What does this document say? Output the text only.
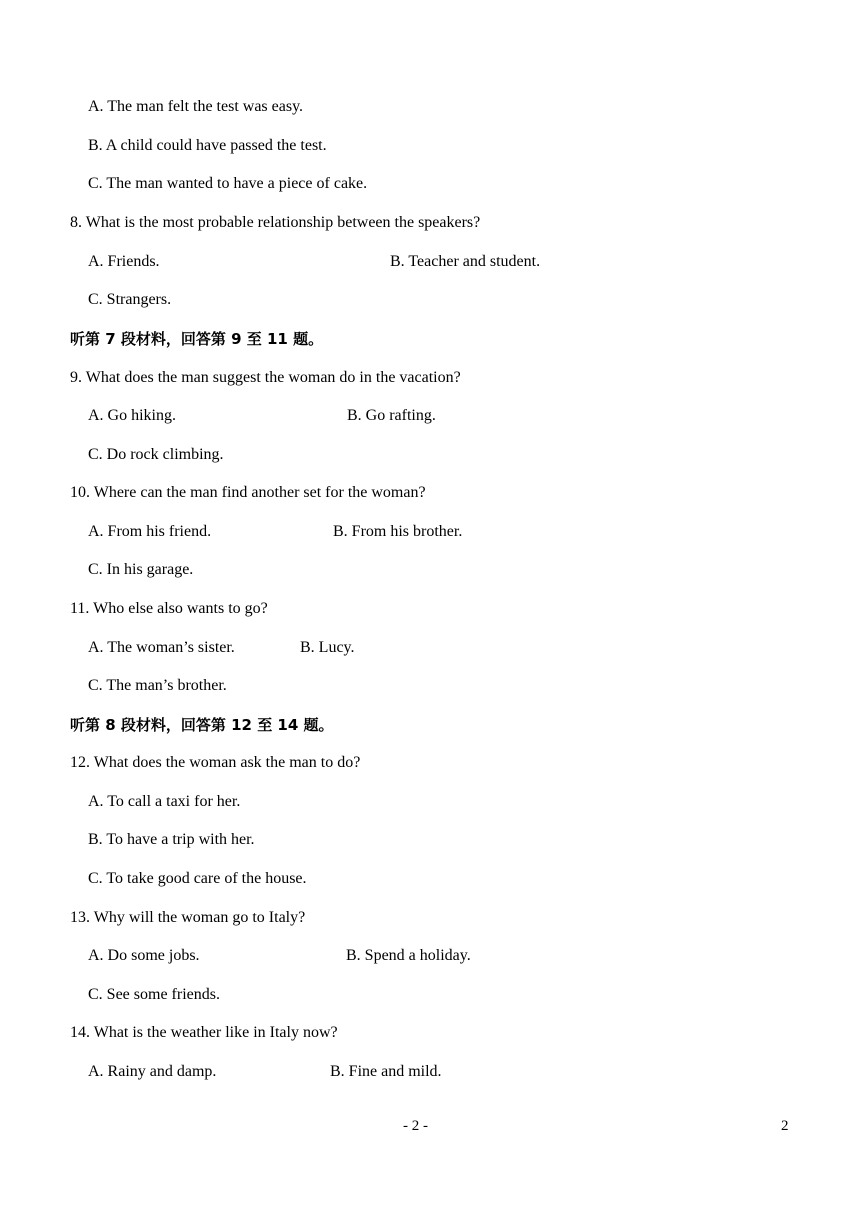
A. The man felt the test was easy.
B. A child could have passed the test.
C. The man wanted to have a piece of cake.
8. What is the most probable relationship between the speakers?
A. Friends.	B. Teacher and student.
C. Strangers.
听第 7 段材料，回答第 9 至 11 题。
9. What does the man suggest the woman do in the vacation?
A. Go hiking.	B. Go rafting.
C. Do rock climbing.
10. Where can the man find another set for the woman?
A. From his friend.	B. From his brother.
C. In his garage.
11. Who else also wants to go?
A. The woman’s sister.	B. Lucy.
C. The man’s brother.
听第 8 段材料，回答第 12 至 14 题。
12. What does the woman ask the man to do?
A. To call a taxi for her.
B. To have a trip with her.
C. To take good care of the house.
13. Why will the woman go to Italy?
A. Do some jobs.	B. Spend a holiday.
C. See some friends.
14. What is the weather like in Italy now?
A. Rainy and damp.	B. Fine and mild.
- 2 -	2
